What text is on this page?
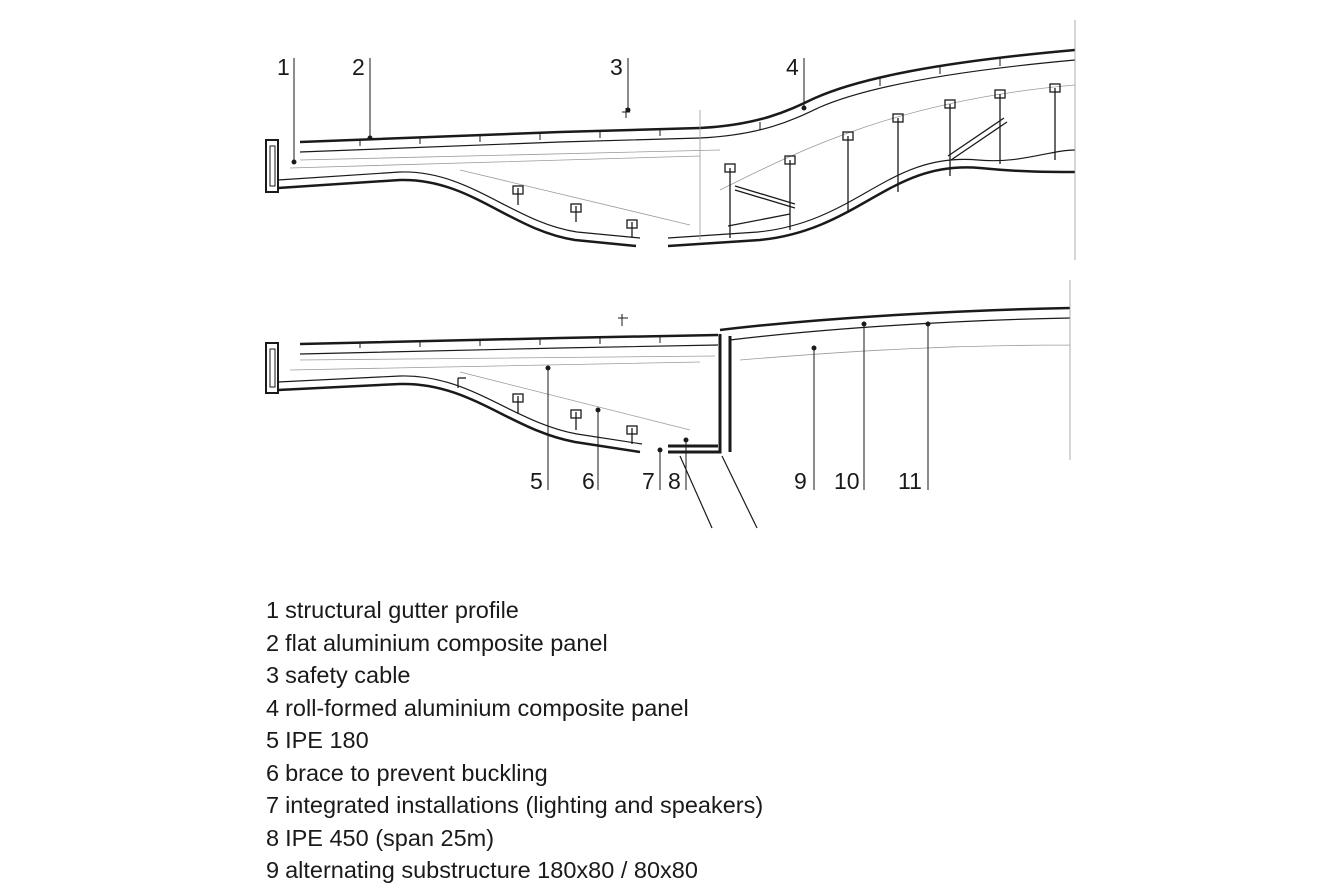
1	2	3	4
5 6 7 8	9 10 11
1 structural gutter profile
2 flat aluminium composite panel
3 safety cable
4 roll-formed aluminium composite panel
5 IPE 180
6 brace to prevent buckling
7 integrated installations (lighting and speakers)
8 IPE 450 (span 25m)
9 alternating substructure 180x80 / 80x80
